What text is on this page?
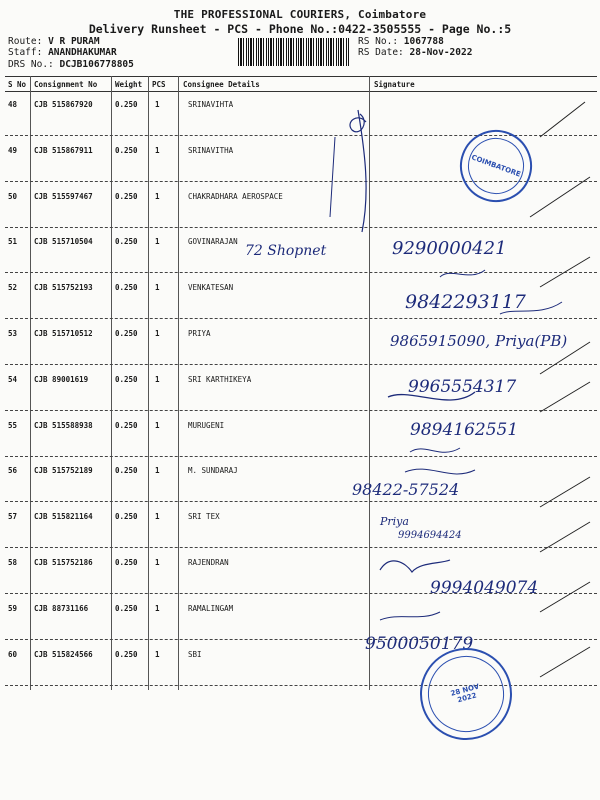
THE PROFESSIONAL COURIERS, Coimbatore
Delivery Runsheet - PCS - Phone No.:0422-3505555 - Page No.:5
Route: V R PURAM
Staff: ANANDHAKUMAR
DRS No.: DCJB106778805
RS No.: 1067788
RS Date: 28-Nov-2022
S No Consignment No Weight PCS Consignee Details	Signature
48 CJB 515867920	0.250 1	SRINAVIHTA
49 CJB 515867911	0.250 1	SRINAVITHA
50 CJB 515597467	0.250 1	CHAKRADHARA AEROSPACE
51 CJB 515710504	0.250 1	GOVINARAJAN
52 CJB 515752193	0.250 1	VENKATESAN
53 CJB 515710512	0.250 1	PRIYA
54 CJB 89001619	0.250 1	SRI KARTHIKEYA
55 CJB 515588938	0.250 1	MURUGENI
56 CJB 515752189	0.250 1	M. SUNDARAJ
57 CJB 515821164	0.250 1	SRI TEX
58 CJB 515752186	0.250 1	RAJENDRAN
59 CJB 88731166	0.250 1	RAMALINGAM
60 CJB 515824566	0.250 1	SBI
72 Shopnet	9290000421
9842293117
9865915090, Priya(PB)
9965554317
9894162551
98422-57524
Priya
9994694424
9994049074
9500050179
COIMBATORE
28 NOV 2022
